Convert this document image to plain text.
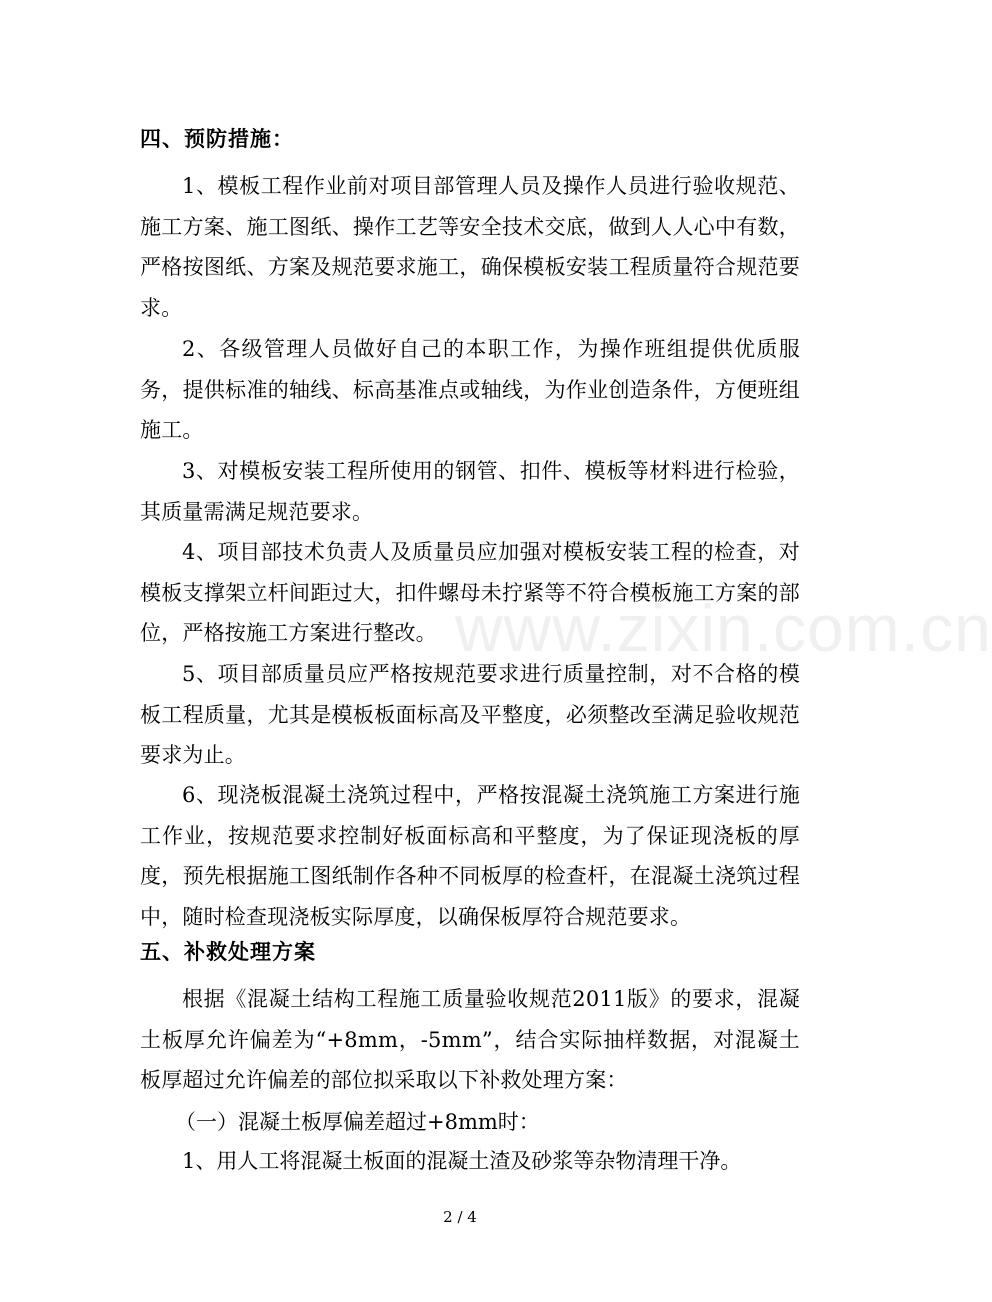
www.zixin.com.cn
四、预防措施：
1、模板工程作业前对项目部管理人员及操作人员进行验收规范、施工方案、施工图纸、操作工艺等安全技术交底，做到人人心中有数，严格按图纸、方案及规范要求施工，确保模板安装工程质量符合规范要求。
2、各级管理人员做好自己的本职工作，为操作班组提供优质服务，提供标准的轴线、标高基准点或轴线，为作业创造条件，方便班组施工。
3、对模板安装工程所使用的钢管、扣件、模板等材料进行检验，其质量需满足规范要求。
4、项目部技术负责人及质量员应加强对模板安装工程的检查，对模板支撑架立杆间距过大，扣件螺母未拧紧等不符合模板施工方案的部位，严格按施工方案进行整改。
5、项目部质量员应严格按规范要求进行质量控制，对不合格的模板工程质量，尤其是模板板面标高及平整度，必须整改至满足验收规范要求为止。
6、现浇板混凝土浇筑过程中，严格按混凝土浇筑施工方案进行施工作业，按规范要求控制好板面标高和平整度，为了保证现浇板的厚度，预先根据施工图纸制作各种不同板厚的检查杆，在混凝土浇筑过程中，随时检查现浇板实际厚度，以确保板厚符合规范要求。
五、补救处理方案
根据《混凝土结构工程施工质量验收规范2011版》的要求，混凝土板厚允许偏差为“+8mm，-5mm”，结合实际抽样数据，对混凝土板厚超过允许偏差的部位拟采取以下补救处理方案：
（一）混凝土板厚偏差超过+8mm时：
1、用人工将混凝土板面的混凝土渣及砂浆等杂物清理干净。
2 / 4
